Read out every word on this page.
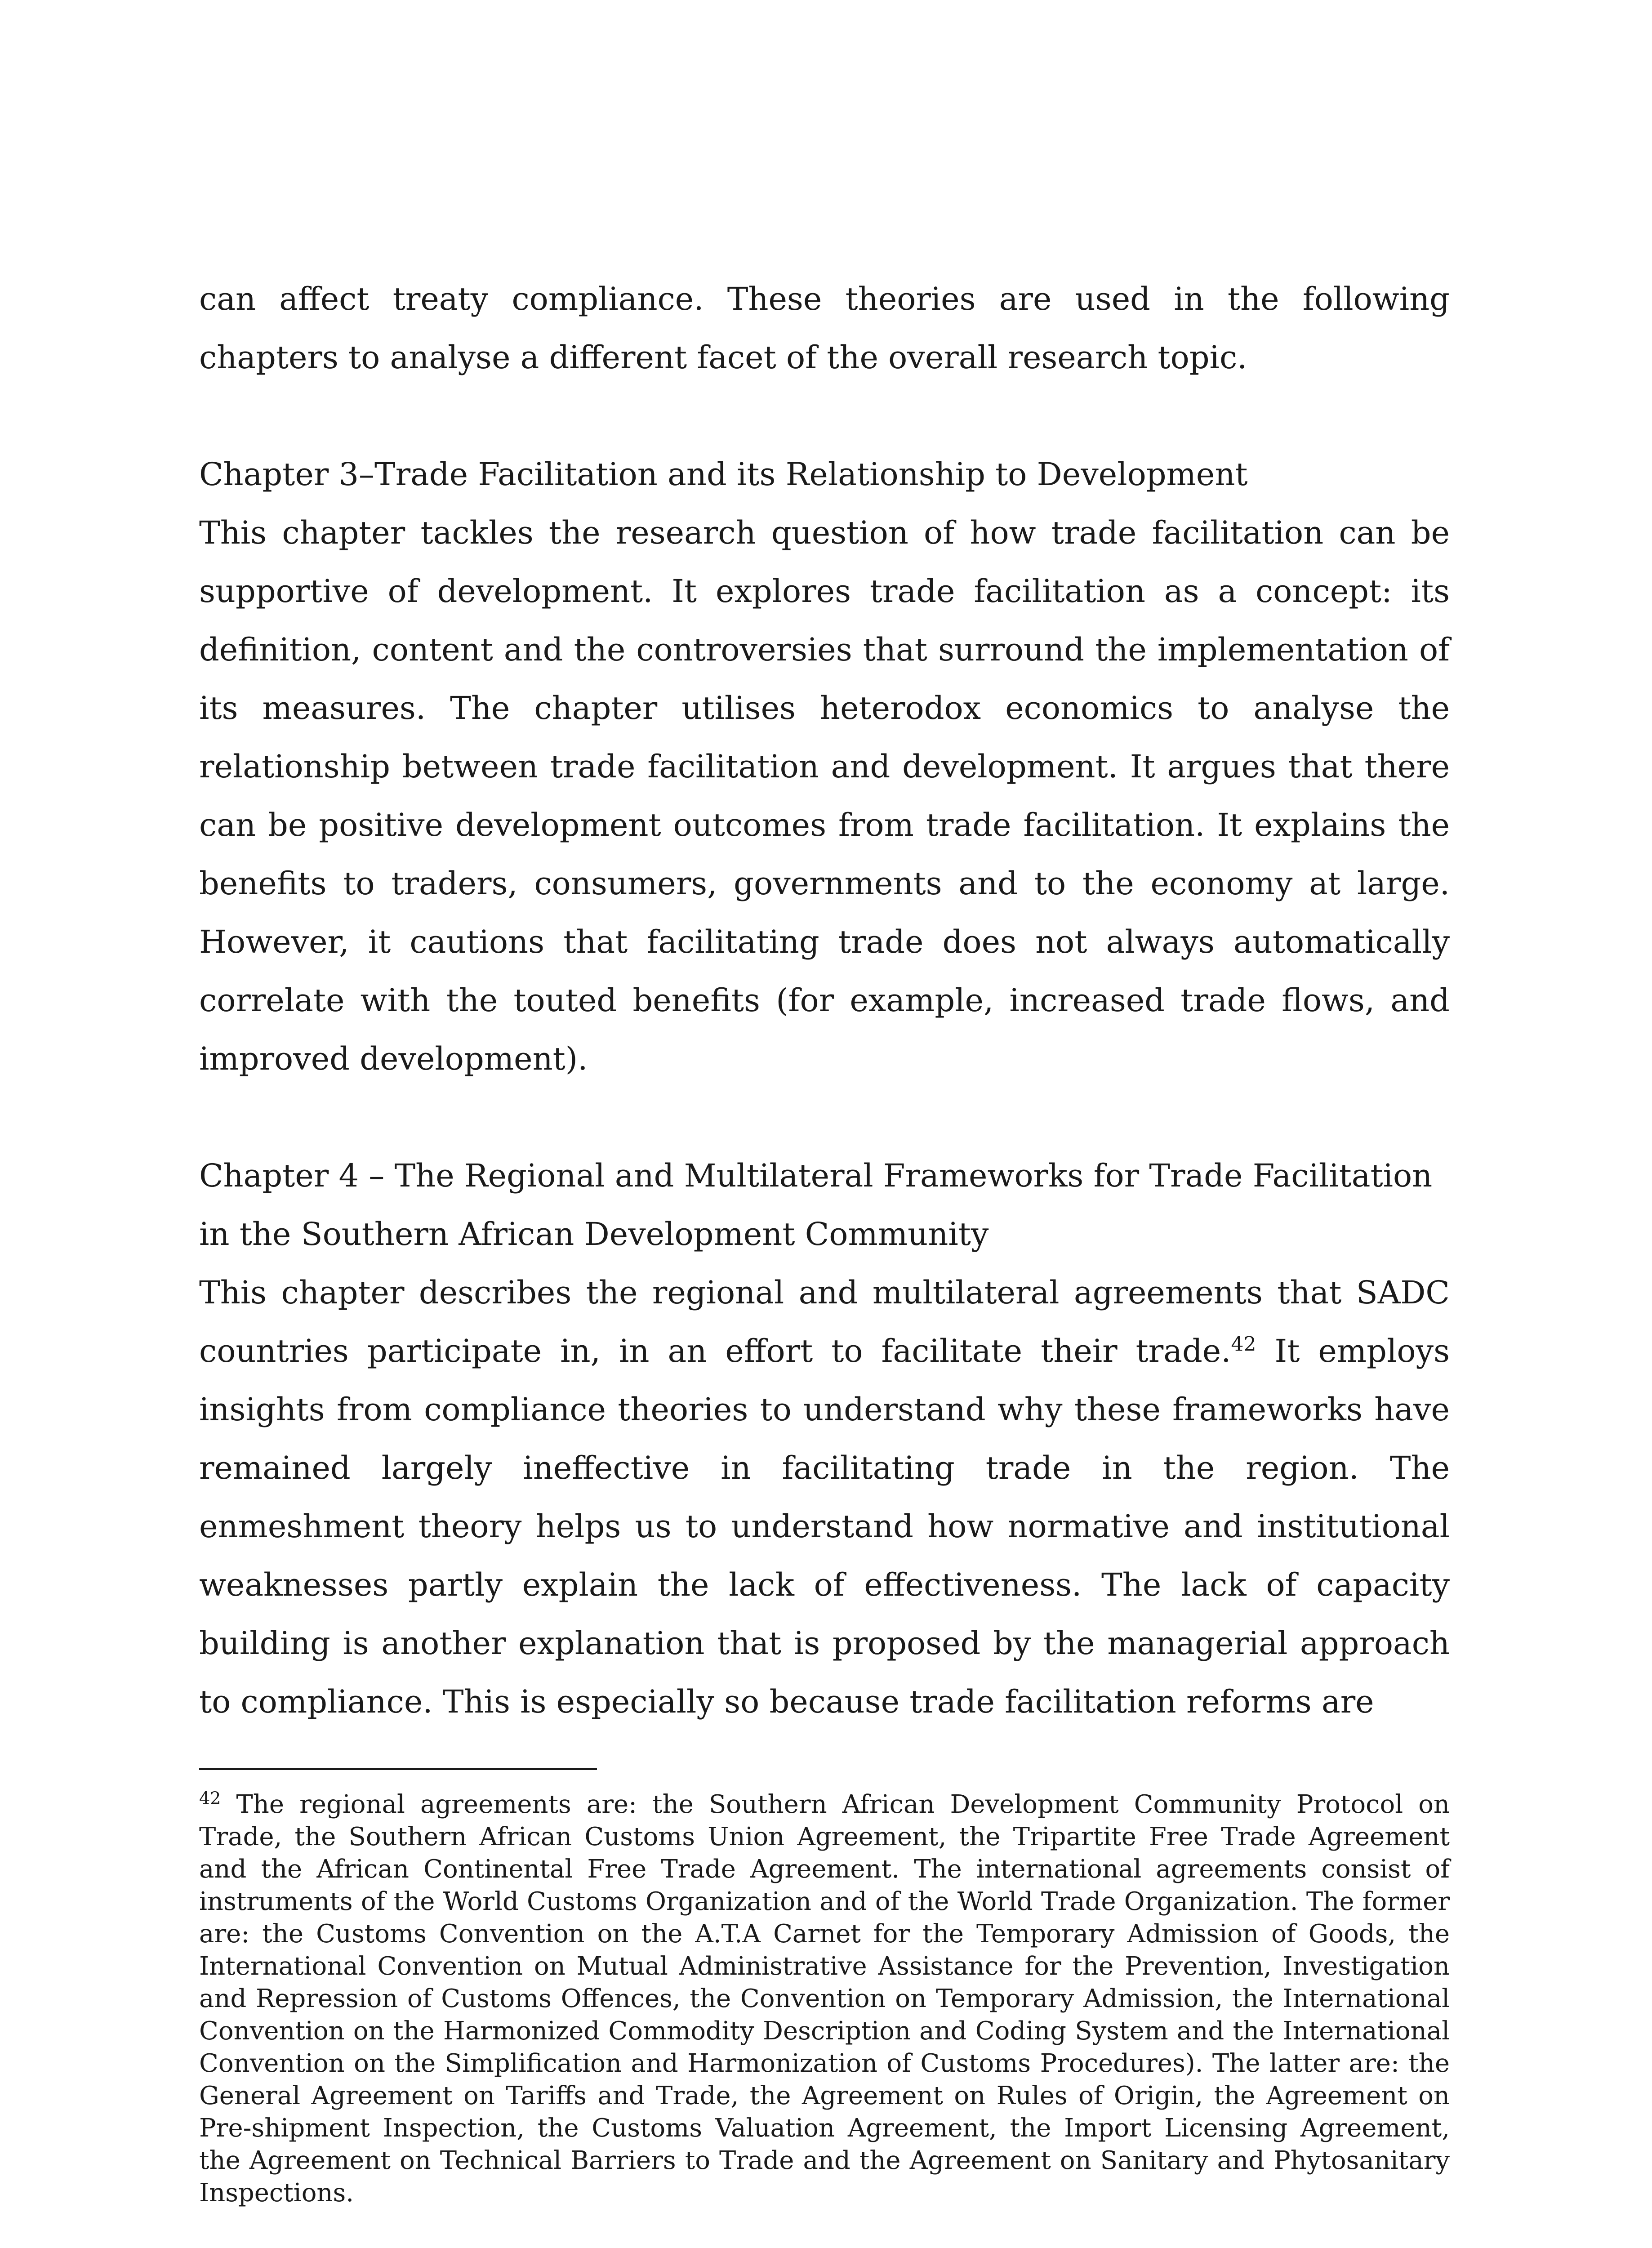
can affect treaty compliance. These theories are used in the following chapters to analyse a different facet of the overall research topic.

Chapter 3–Trade Facilitation and its Relationship to Development

This chapter tackles the research question of how trade facilitation can be supportive of development. It explores trade facilitation as a concept: its definition, content and the controversies that surround the implementation of its measures. The chapter utilises heterodox economics to analyse the relationship between trade facilitation and development. It argues that there can be positive development outcomes from trade facilitation. It explains the benefits to traders, consumers, governments and to the economy at large. However, it cautions that facilitating trade does not always automatically correlate with the touted benefits (for example, increased trade flows, and improved development).

Chapter 4 – The Regional and Multilateral Frameworks for Trade Facilitation in the Southern African Development Community

This chapter describes the regional and multilateral agreements that SADC countries participate in, in an effort to facilitate their trade.$^{42}$ It employs insights from compliance theories to understand why these frameworks have remained largely ineffective in facilitating trade in the region. The enmeshment theory helps us to understand how normative and institutional weaknesses partly explain the lack of effectiveness. The lack of capacity building is another explanation that is proposed by the managerial approach to compliance. This is especially so because trade facilitation reforms are

$^{42}$ The regional agreements are: the Southern African Development Community Protocol on Trade, the Southern African Customs Union Agreement, the Tripartite Free Trade Agreement and the African Continental Free Trade Agreement. The international agreements consist of instruments of the World Customs Organization and of the World Trade Organization. The former are: the Customs Convention on the A.T.A Carnet for the Temporary Admission of Goods, the International Convention on Mutual Administrative Assistance for the Prevention, Investigation and Repression of Customs Offences, the Convention on Temporary Admission, the International Convention on the Harmonized Commodity Description and Coding System and the International Convention on the Simplification and Harmonization of Customs Procedures). The latter are: the General Agreement on Tariffs and Trade, the Agreement on Rules of Origin, the Agreement on Pre-shipment Inspection, the Customs Valuation Agreement, the Import Licensing Agreement, the Agreement on Technical Barriers to Trade and the Agreement on Sanitary and Phytosanitary Inspections.
